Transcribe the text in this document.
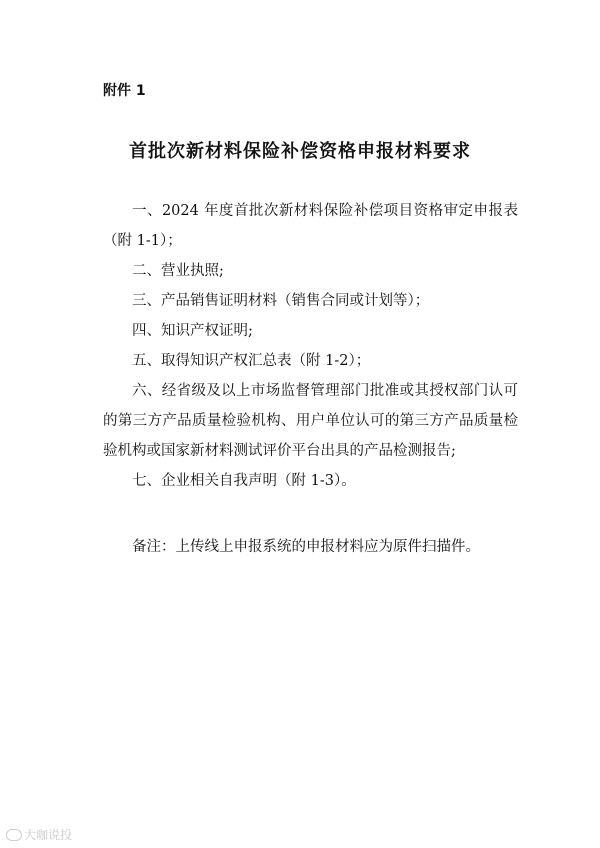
附件 1
首批次新材料保险补偿资格申报材料要求

一、2024 年度首批次新材料保险补偿项目资格审定申报表（附 1-1）；

二、营业执照;

三、产品销售证明材料（销售合同或计划等）；

四、知识产权证明;

五、取得知识产权汇总表（附 1-2）；

六、经省级及以上市场监督管理部门批准或其授权部门认可的第三方产品质量检验机构、用户单位认可的第三方产品质量检验机构或国家新材料测试评价平台出具的产品检测报告;

七、企业相关自我声明（附 1-3）。

备注：上传线上申报系统的申报材料应为原件扫描件。
大咖说投
